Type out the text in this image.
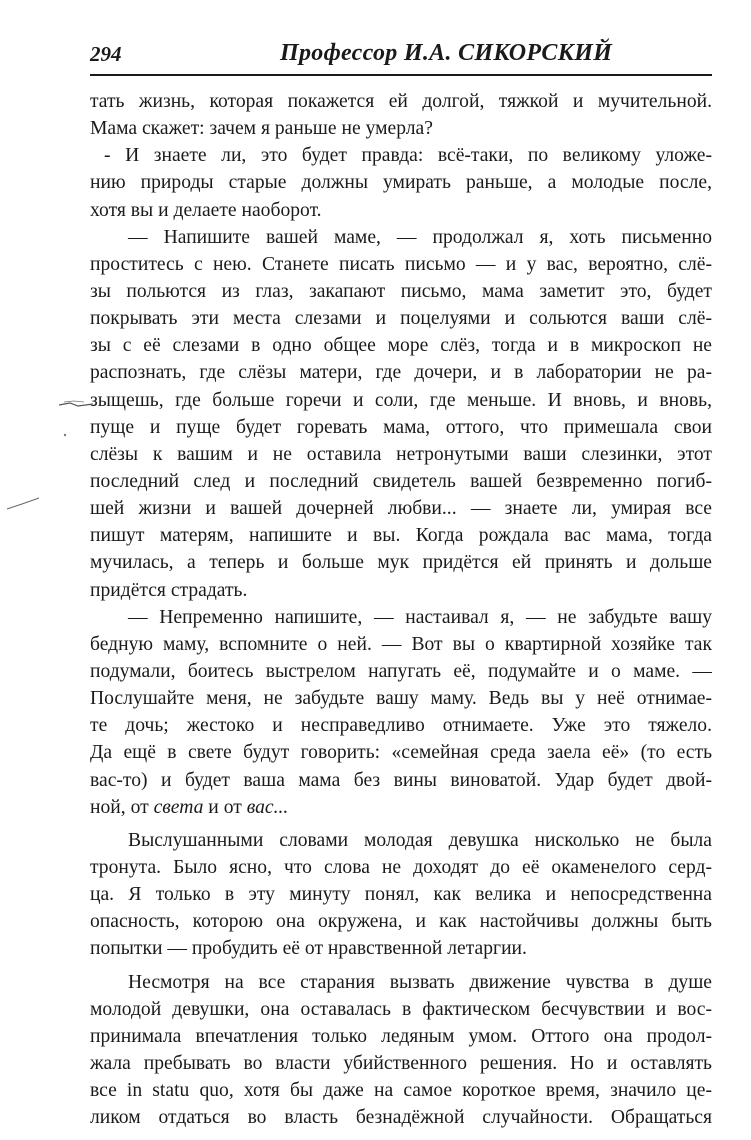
294	Профессор И.А. СИКОРСКИЙ
тать жизнь, которая покажется ей долгой, тяжкой и мучительной.
Мама скажет: зачем я раньше не умерла?
- И знаете ли, это будет правда: всё-таки, по великому уложе-
нию природы старые должны умирать раньше, а молодые после,
хотя вы и делаете наоборот.
— Напишите вашей маме, — продолжал я, хоть письменно
проститесь с нею. Станете писать письмо — и у вас, вероятно, слё-
зы польются из глаз, закапают письмо, мама заметит это, будет
покрывать эти места слезами и поцелуями и сольются ваши слё-
зы с её слезами в одно общее море слёз, тогда и в микроскоп не
распознать, где слёзы матери, где дочери, и в лаборатории не ра-
зыщешь, где больше горечи и соли, где меньше. И вновь, и вновь,
пуще и пуще будет горевать мама, оттого, что примешала свои
слёзы к вашим и не оставила нетронутыми ваши слезинки, этот
последний след и последний свидетель вашей безвременно погиб-
шей жизни и вашей дочерней любви... — знаете ли, умирая все
пишут матерям, напишите и вы. Когда рождала вас мама, тогда
мучилась, а теперь и больше мук придётся ей принять и дольше
придётся страдать.
— Непременно напишите, — настаивал я, — не забудьте вашу
бедную маму, вспомните о ней. — Вот вы о квартирной хозяйке так
подумали, боитесь выстрелом напугать её, подумайте и о маме. —
Послушайте меня, не забудьте вашу маму. Ведь вы у неё отнимае-
те дочь; жестоко и несправедливо отнимаете. Уже это тяжело.
Да ещё в свете будут говорить: «семейная среда заела её» (то есть
вас-то) и будет ваша мама без вины виноватой. Удар будет двой-
ной, от света и от вас...
Выслушанными словами молодая девушка нисколько не была
тронута. Было ясно, что слова не доходят до её окаменелого серд-
ца. Я только в эту минуту понял, как велика и непосредственна
опасность, которою она окружена, и как настойчивы должны быть
попытки — пробудить её от нравственной летаргии.
Несмотря на все старания вызвать движение чувства в душе
молодой девушки, она оставалась в фактическом бесчувствии и вос-
принимала впечатления только ледяным умом. Оттого она продол-
жала пребывать во власти убийственного решения. Но и оставлять
все in statu quo, хотя бы даже на самое короткое время, значило це-
ликом отдаться во власть безнадёжной случайности. Обращаться
